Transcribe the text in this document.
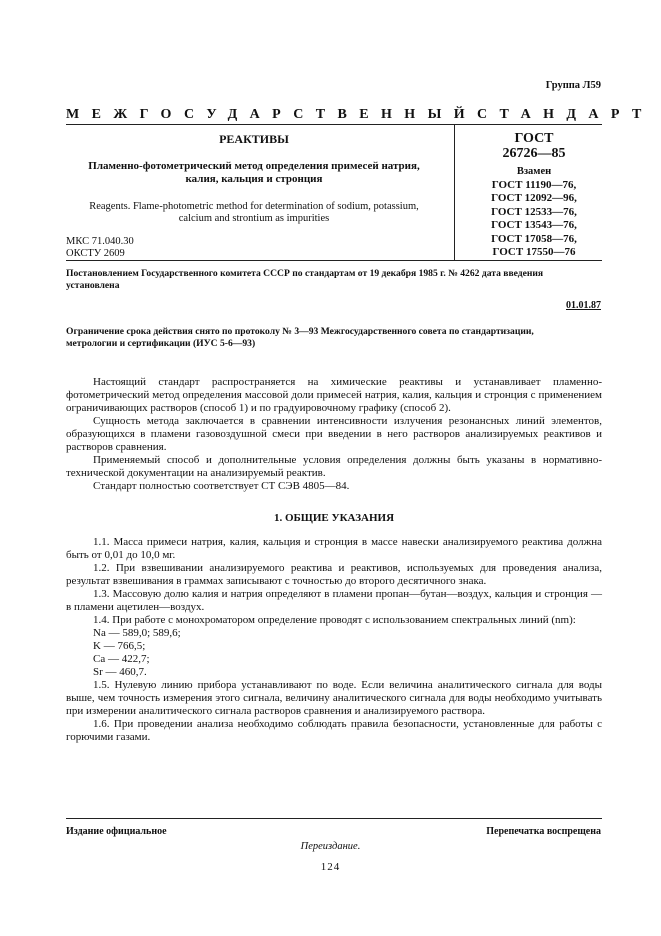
Группа Л59
МЕЖГОСУДАРСТВЕННЫЙ СТАНДАРТ
РЕАКТИВЫ
Пламенно-фотометрический метод определения примесей натрия,
калия, кальция и стронция
Reagents. Flame-photometric method for determination of sodium, potassium,
calcium and strontium as impurities
МКС 71.040.30
ОКСТУ 2609
ГОСТ
26726—85
Взамен
ГОСТ 11190—76,
ГОСТ 12092—96,
ГОСТ 12533—76,
ГОСТ 13543—76,
ГОСТ 17058—76,
ГОСТ 17550—76
Постановлением Государственного комитета СССР по стандартам от 19 декабря 1985 г. № 4262 дата введения
установлена
01.01.87
Ограничение срока действия снято по протоколу № 3—93 Межгосударственного совета по стандартизации,
метрологии и сертификации (ИУС 5-6—93)

Настоящий стандарт распространяется на химические реактивы и устанавливает пламенно-фотометрический метод определения массовой доли примесей натрия, калия, кальция и стронция с применением ограничивающих растворов (способ 1) и по градуировочному графику (способ 2).

Сущность метода заключается в сравнении интенсивности излучения резонансных линий элементов, образующихся в пламени газовоздушной смеси при введении в него растворов анализируемых реактивов и растворов сравнения.

Применяемый способ и дополнительные условия определения должны быть указаны в нормативно-технической документации на анализируемый реактив.

Стандарт полностью соответствует СТ СЭВ 4805—84.

1. ОБЩИЕ УКАЗАНИЯ

1.1. Масса примеси натрия, калия, кальция и стронция в массе навески анализируемого реактива должна быть от 0,01 до 10,0 мг.

1.2. При взвешивании анализируемого реактива и реактивов, используемых для проведения анализа, результат взвешивания в граммах записывают с точностью до второго десятичного знака.

1.3. Массовую долю калия и натрия определяют в пламени пропан—бутан—воздух, кальция и стронция — в пламени ацетилен—воздух.

1.4. При работе с монохроматором определение проводят с использованием спектральных линий (nm):

Na — 589,0; 589,6;

K — 766,5;

Ca — 422,7;

Sr — 460,7.

1.5. Нулевую линию прибора устанавливают по воде. Если величина аналитического сигнала для воды выше, чем точность измерения этого сигнала, величину аналитического сигнала для воды необходимо учитывать при измерении аналитического сигнала растворов сравнения и анализируемого раствора.

1.6. При проведении анализа необходимо соблюдать правила безопасности, установленные для работы с горючими газами.

Издание официальное	Перепечатка воспрещена
Переиздание.
124
